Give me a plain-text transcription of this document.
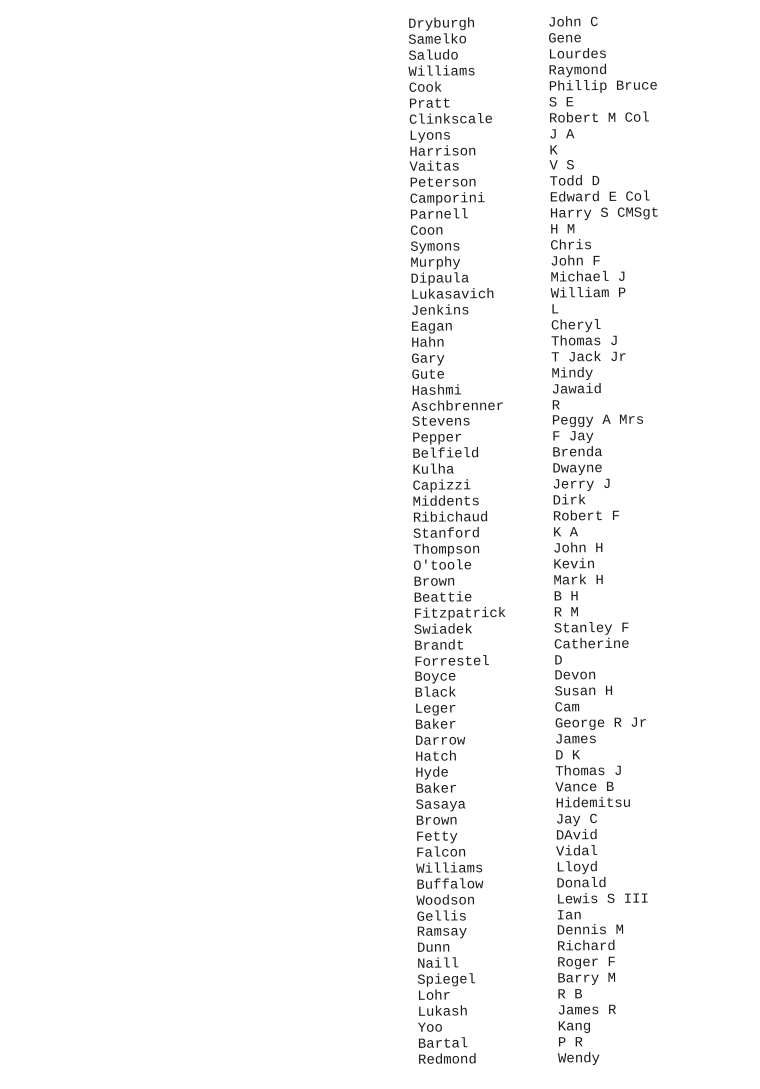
Dryburgh	John C
Samelko	Gene
Saludo	Lourdes
Williams	Raymond
Cook	Phillip Bruce
Pratt	S E
Clinkscale	Robert M Col
Lyons	J A
Harrison	K
Vaitas	V S
Peterson	Todd D
Camporini	Edward E Col
Parnell	Harry S CMSgt
Coon	H M
Symons	Chris
Murphy	John F
Dipaula	Michael J
Lukasavich	William P
Jenkins	L
Eagan	Cheryl
Hahn	Thomas J
Gary	T Jack Jr
Gute	Mindy
Hashmi	Jawaid
Aschbrenner	R
Stevens	Peggy A Mrs
Pepper	F Jay
Belfield	Brenda
Kulha	Dwayne
Capizzi	Jerry J
Middents	Dirk
Ribichaud	Robert F
Stanford	K A
Thompson	John H
O'toole	Kevin
Brown	Mark H
Beattie	B H
Fitzpatrick	R M
Swiadek	Stanley F
Brandt	Catherine
Forrestel	D
Boyce	Devon
Black	Susan H
Leger	Cam
Baker	George R Jr
Darrow	James
Hatch	D K
Hyde	Thomas J
Baker	Vance B
Sasaya	Hidemitsu
Brown	Jay C
Fetty	DAvid
Falcon	Vidal
Williams	Lloyd
Buffalow	Donald
Woodson	Lewis S III
Gellis	Ian
Ramsay	Dennis M
Dunn	Richard
Naill	Roger F
Spiegel	Barry M
Lohr	R B
Lukash	James R
Yoo	Kang
Bartal	P R
Redmond	Wendy
